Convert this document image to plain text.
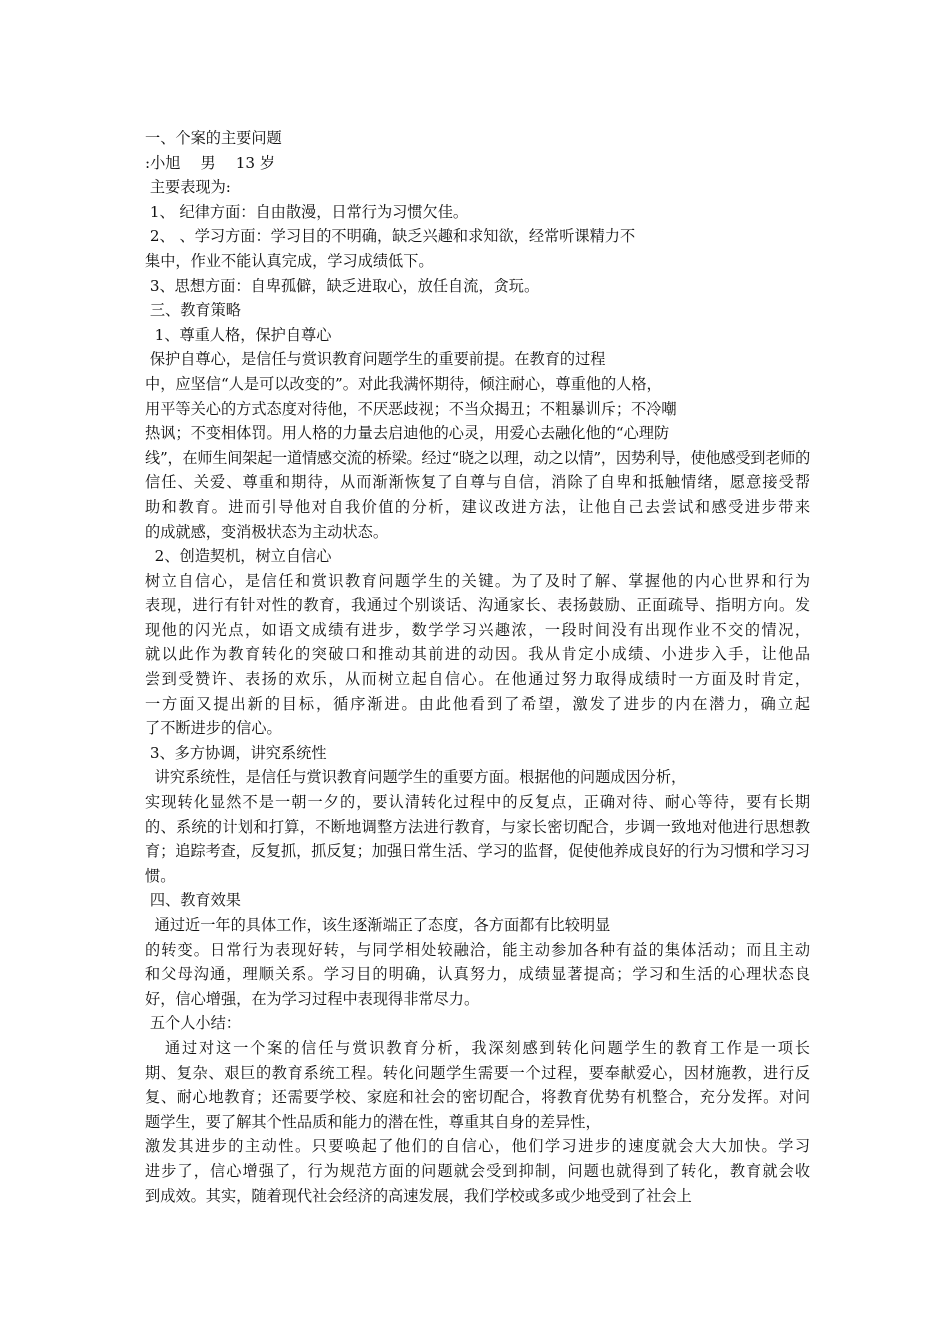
一、个案的主要问题
:小旭　 男　 13 岁
主要表现为:
1、 纪律方面：自由散漫，日常行为习惯欠佳。
2、 、学习方面：学习目的不明确，缺乏兴趣和求知欲，经常听课精力不
集中，作业不能认真完成，学习成绩低下。
3、思想方面：自卑孤僻，缺乏进取心，放任自流，贪玩。
三、教育策略
1、尊重人格，保护自尊心
保护自尊心，是信任与赏识教育问题学生的重要前提。在教育的过程
中，应坚信“人是可以改变的”。对此我满怀期待，倾注耐心，尊重他的人格，
用平等关心的方式态度对待他，不厌恶歧视；不当众揭丑；不粗暴训斥；不冷嘲
热讽；不变相体罚。用人格的力量去启迪他的心灵，用爱心去融化他的“心理防
线”，在师生间架起一道情感交流的桥梁。经过“晓之以理，动之以情”，因势利导，使他感受到老师的
信任、关爱、尊重和期待，从而渐渐恢复了自尊与自信，消除了自卑和抵触情绪，愿意接受帮
助和教育。进而引导他对自我价值的分析，建议改进方法，让他自己去尝试和感受进步带来
的成就感，变消极状态为主动状态。
2、创造契机，树立自信心
树立自信心，是信任和赏识教育问题学生的关键。为了及时了解、掌握他的内心世界和行为
表现，进行有针对性的教育，我通过个别谈话、沟通家长、表扬鼓励、正面疏导、指明方向。发
现他的闪光点，如语文成绩有进步，数学学习兴趣浓，一段时间没有出现作业不交的情况，
就以此作为教育转化的突破口和推动其前进的动因。我从肯定小成绩、小进步入手，让他品
尝到受赞许、表扬的欢乐，从而树立起自信心。在他通过努力取得成绩时一方面及时肯定，
一方面又提出新的目标，循序渐进。由此他看到了希望，激发了进步的内在潜力，确立起
了不断进步的信心。
3、多方协调，讲究系统性
讲究系统性，是信任与赏识教育问题学生的重要方面。根据他的问题成因分析，
实现转化显然不是一朝一夕的，要认清转化过程中的反复点，正确对待、耐心等待，要有长期
的、系统的计划和打算，不断地调整方法进行教育，与家长密切配合，步调一致地对他进行思想教
育；追踪考查，反复抓，抓反复；加强日常生活、学习的监督，促使他养成良好的行为习惯和学习习
惯。
四、教育效果
通过近一年的具体工作，该生逐渐端正了态度，各方面都有比较明显
的转变。日常行为表现好转，与同学相处较融洽，能主动参加各种有益的集体活动；而且主动
和父母沟通，理顺关系。学习目的明确，认真努力，成绩显著提高；学习和生活的心理状态良
好，信心增强，在为学习过程中表现得非常尽力。
五个人小结：
通过对这一个案的信任与赏识教育分析，我深刻感到转化问题学生的教育工作是一项长
期、复杂、艰巨的教育系统工程。转化问题学生需要一个过程，要奉献爱心，因材施教，进行反
复、耐心地教育；还需要学校、家庭和社会的密切配合，将教育优势有机整合，充分发挥。对问
题学生，要了解其个性品质和能力的潜在性，尊重其自身的差异性，
激发其进步的主动性。只要唤起了他们的自信心，他们学习进步的速度就会大大加快。学习
进步了，信心增强了，行为规范方面的问题就会受到抑制，问题也就得到了转化，教育就会收
到成效。其实，随着现代社会经济的高速发展，我们学校或多或少地受到了社会上
